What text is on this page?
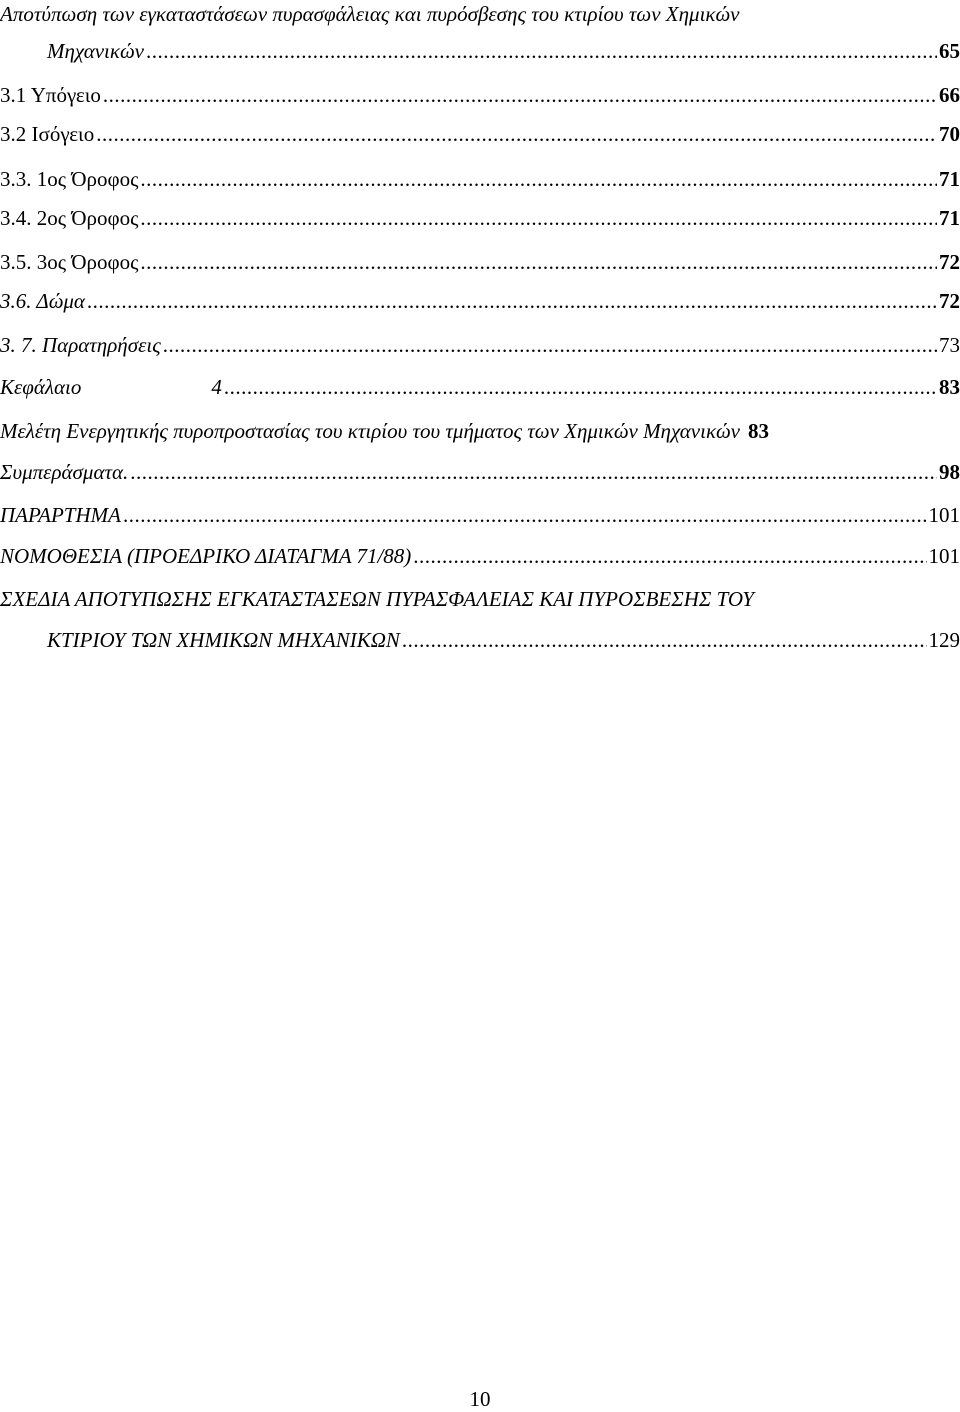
Αποτύπωση των εγκαταστάσεων πυρασφάλειας και πυρόσβεσης του κτιρίου των Χημικών
Μηχανικών .....	65
3.1 Υπόγειο .....	66
3.2 Ισόγειο .....	70
3.3. 1ος Όροφος .....	71
3.4. 2ος Όροφος .....	71
3.5. 3ος Όροφος .....	72
3.6. Δώμα .....	72
3. 7. Παρατηρήσεις .....	73
Κεφάλαιο	4 .....	83
Μελέτη Ενεργητικής πυροπροστασίας του κτιρίου του τμήματος των Χημικών Μηχανικών 83
Συμπεράσματα. .....	98
ΠΑΡΑΡΤΗΜΑ .....	101
ΝΟΜΟΘΕΣΙΑ (ΠΡΟΕΔΡΙΚΟ ΔΙΑΤΑΓΜΑ 71/88) .....	101
ΣΧΕΔΙΑ ΑΠΟΤΥΠΩΣΗΣ ΕΓΚΑΤΑΣΤΑΣΕΩΝ ΠΥΡΑΣΦΑΛΕΙΑΣ ΚΑΙ ΠΥΡΟΣΒΕΣΗΣ ΤΟΥ
ΚΤΙΡΙΟΥ ΤΩΝ ΧΗΜΙΚΩΝ ΜΗΧΑΝΙΚΩΝ .....	129
10
